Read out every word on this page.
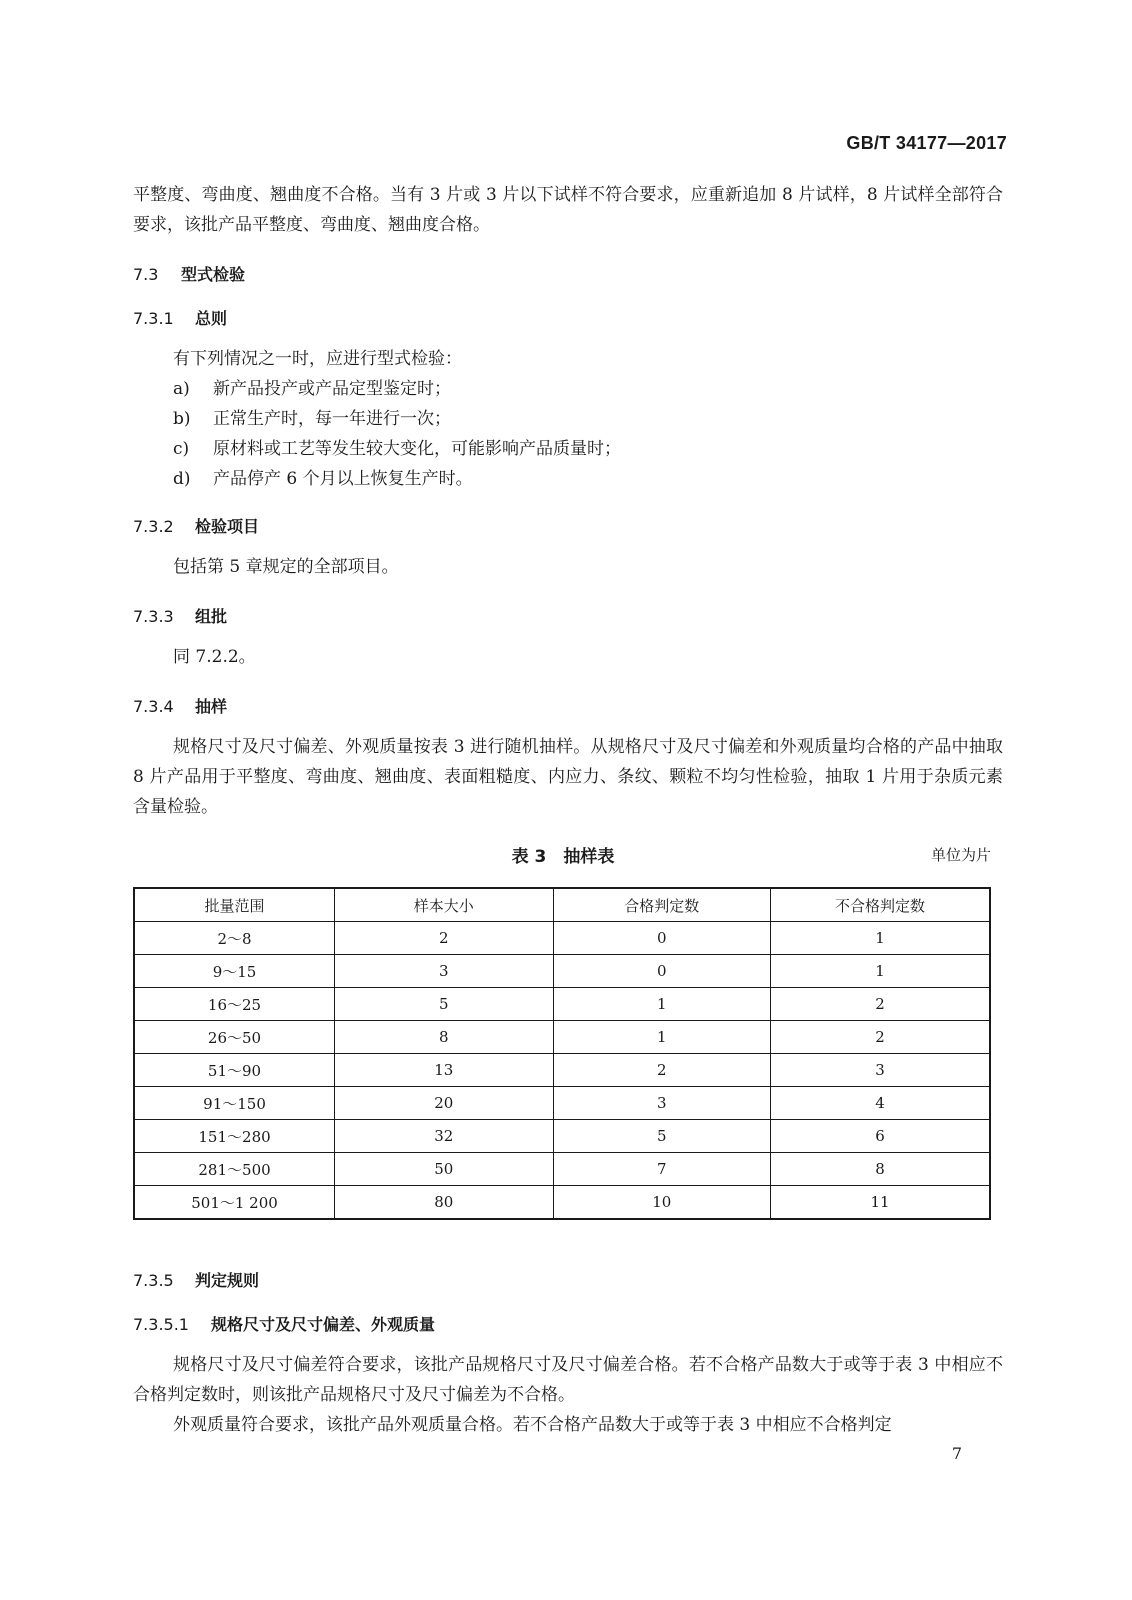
GB/T 34177—2017

平整度、弯曲度、翘曲度不合格。当有 3 片或 3 片以下试样不符合要求，应重新追加 8 片试样，8 片试样全部符合要求，该批产品平整度、弯曲度、翘曲度合格。

7.3 型式检验
7.3.1 总则

有下列情况之一时，应进行型式检验：

a) 新产品投产或产品定型鉴定时；

b) 正常生产时，每一年进行一次；

c) 原材料或工艺等发生较大变化，可能影响产品质量时；

d) 产品停产 6 个月以上恢复生产时。

7.3.2 检验项目

包括第 5 章规定的全部项目。

7.3.3 组批

同 7.2.2。

7.3.4 抽样

规格尺寸及尺寸偏差、外观质量按表 3 进行随机抽样。从规格尺寸及尺寸偏差和外观质量均合格的产品中抽取 8 片产品用于平整度、弯曲度、翘曲度、表面粗糙度、内应力、条纹、颗粒不均匀性检验，抽取 1 片用于杂质元素含量检验。

表 3　抽样表	单位为片
批量范围	样本大小	合格判定数	不合格判定数
2～8	2	0	1
9～15	3	0	1
16～25	5	1	2
26～50	8	1	2
51～90	13	2	3
91～150	20	3	4
151～280	32	5	6
281～500	50	7	8
501～1 200	80	10	11
7.3.5 判定规则
7.3.5.1 规格尺寸及尺寸偏差、外观质量

规格尺寸及尺寸偏差符合要求，该批产品规格尺寸及尺寸偏差合格。若不合格产品数大于或等于表 3 中相应不合格判定数时，则该批产品规格尺寸及尺寸偏差为不合格。

外观质量符合要求，该批产品外观质量合格。若不合格产品数大于或等于表 3 中相应不合格判定

7
